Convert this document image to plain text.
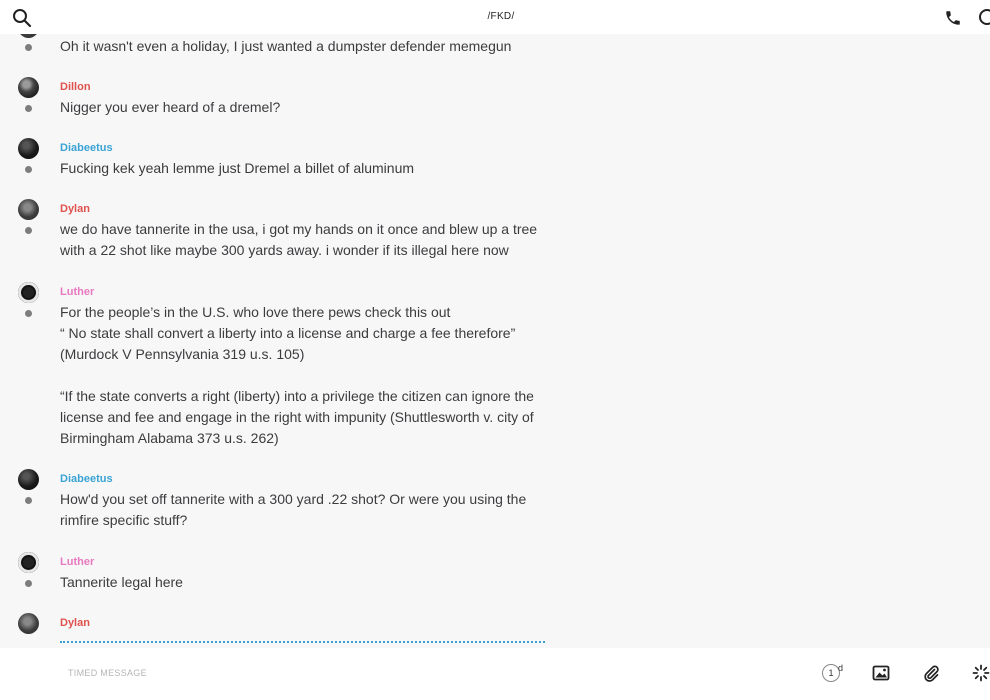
/FKD/
Oh it wasn't even a holiday, I just wanted a dumpster defender memegun
Dillon
Nigger you ever heard of a dremel?
Diabeetus
Fucking kek yeah lemme just Dremel a billet of aluminum
Dylan
we do have tannerite in the usa, i got my hands on it once and blew up a tree with a 22 shot like maybe 300 yards away. i wonder if its illegal here now
Luther
For the people’s in the U.S. who love there pews check this out
“ No state shall convert a liberty into a license and charge a fee therefore”
(Murdock V Pennsylvania 319 u.s. 105)
“If the state converts a right (liberty) into a privilege the citizen can ignore the
license and fee and engage in the right with impunity (Shuttlesworth v. city of
Birmingham Alabama 373 u.s. 262)
Diabeetus
How'd you set off tannerite with a 300 yard .22 shot? Or were you using the rimfire specific stuff?
Luther
Tannerite legal here
Dylan
TIMED MESSAGE	1 d
